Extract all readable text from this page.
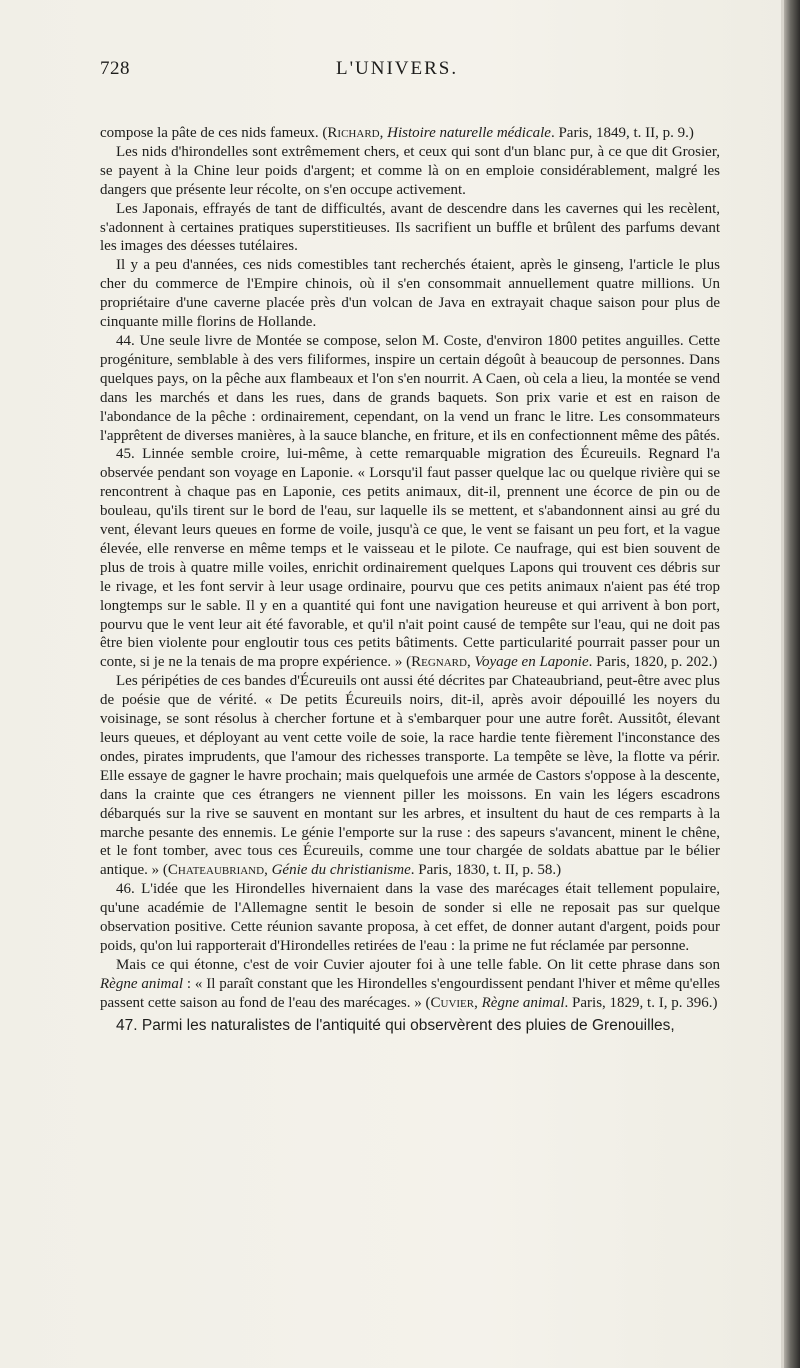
728	L'UNIVERS.

compose la pâte de ces nids fameux. (Richard, Histoire naturelle médicale. Paris, 1849, t. II, p. 9.)

Les nids d'hirondelles sont extrêmement chers, et ceux qui sont d'un blanc pur, à ce que dit Grosier, se payent à la Chine leur poids d'argent; et comme là on en emploie considérablement, malgré les dangers que présente leur récolte, on s'en occupe activement.

Les Japonais, effrayés de tant de difficultés, avant de descendre dans les cavernes qui les recèlent, s'adonnent à certaines pratiques superstitieuses. Ils sacrifient un buffle et brûlent des parfums devant les images des déesses tutélaires.

Il y a peu d'années, ces nids comestibles tant recherchés étaient, après le ginseng, l'article le plus cher du commerce de l'Empire chinois, où il s'en consommait annuellement quatre millions. Un propriétaire d'une caverne placée près d'un volcan de Java en extrayait chaque saison pour plus de cinquante mille florins de Hollande.

44. Une seule livre de Montée se compose, selon M. Coste, d'environ 1800 petites anguilles. Cette progéniture, semblable à des vers filiformes, inspire un certain dégoût à beaucoup de personnes. Dans quelques pays, on la pêche aux flambeaux et l'on s'en nourrit. A Caen, où cela a lieu, la montée se vend dans les marchés et dans les rues, dans de grands baquets. Son prix varie et est en raison de l'abondance de la pêche : ordinairement, cependant, on la vend un franc le litre. Les consommateurs l'apprêtent de diverses manières, à la sauce blanche, en friture, et ils en confectionnent même des pâtés.

45. Linnée semble croire, lui-même, à cette remarquable migration des Écureuils. Regnard l'a observée pendant son voyage en Laponie. « Lorsqu'il faut passer quelque lac ou quelque rivière qui se rencontrent à chaque pas en Laponie, ces petits animaux, dit-il, prennent une écorce de pin ou de bouleau, qu'ils tirent sur le bord de l'eau, sur laquelle ils se mettent, et s'abandonnent ainsi au gré du vent, élevant leurs queues en forme de voile, jusqu'à ce que, le vent se faisant un peu fort, et la vague élevée, elle renverse en même temps et le vaisseau et le pilote. Ce naufrage, qui est bien souvent de plus de trois à quatre mille voiles, enrichit ordinairement quelques Lapons qui trouvent ces débris sur le rivage, et les font servir à leur usage ordinaire, pourvu que ces petits animaux n'aient pas été trop longtemps sur le sable. Il y en a quantité qui font une navigation heureuse et qui arrivent à bon port, pourvu que le vent leur ait été favorable, et qu'il n'ait point causé de tempête sur l'eau, qui ne doit pas être bien violente pour engloutir tous ces petits bâtiments. Cette particularité pourrait passer pour un conte, si je ne la tenais de ma propre expérience. » (Regnard, Voyage en Laponie. Paris, 1820, p. 202.)

Les péripéties de ces bandes d'Écureuils ont aussi été décrites par Chateaubriand, peut-être avec plus de poésie que de vérité. « De petits Écureuils noirs, dit-il, après avoir dépouillé les noyers du voisinage, se sont résolus à chercher fortune et à s'embarquer pour une autre forêt. Aussitôt, élevant leurs queues, et déployant au vent cette voile de soie, la race hardie tente fièrement l'inconstance des ondes, pirates imprudents, que l'amour des richesses transporte. La tempête se lève, la flotte va périr. Elle essaye de gagner le havre prochain; mais quelquefois une armée de Castors s'oppose à la descente, dans la crainte que ces étrangers ne viennent piller les moissons. En vain les légers escadrons débarqués sur la rive se sauvent en montant sur les arbres, et insultent du haut de ces remparts à la marche pesante des ennemis. Le génie l'emporte sur la ruse : des sapeurs s'avancent, minent le chêne, et le font tomber, avec tous ces Écureuils, comme une tour chargée de soldats abattue par le bélier antique. » (Chateaubriand, Génie du christianisme. Paris, 1830, t. II, p. 58.)

46. L'idée que les Hirondelles hivernaient dans la vase des marécages était tellement populaire, qu'une académie de l'Allemagne sentit le besoin de sonder si elle ne reposait pas sur quelque observation positive. Cette réunion savante proposa, à cet effet, de donner autant d'argent, poids pour poids, qu'on lui rapporterait d'Hirondelles retirées de l'eau : la prime ne fut réclamée par personne.

Mais ce qui étonne, c'est de voir Cuvier ajouter foi à une telle fable. On lit cette phrase dans son Règne animal : « Il paraît constant que les Hirondelles s'engourdissent pendant l'hiver et même qu'elles passent cette saison au fond de l'eau des marécages. » (Cuvier, Règne animal. Paris, 1829, t. I, p. 396.)

47. Parmi les naturalistes de l'antiquité qui observèrent des pluies de Grenouilles,
